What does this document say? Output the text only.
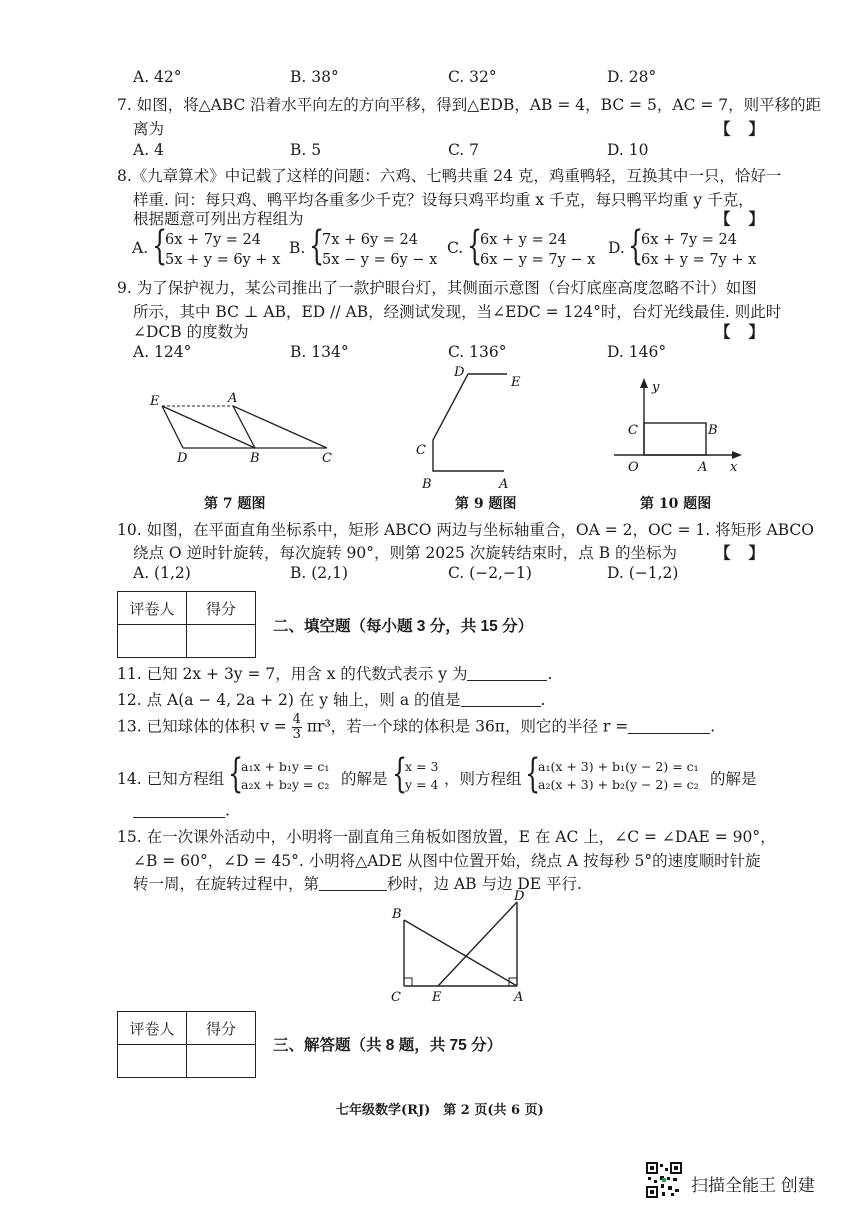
A. 42°	B. 38°	C. 32°	D. 28°
7. 如图，将△ABC 沿着水平向左的方向平移，得到△EDB，AB = 4，BC = 5，AC = 7，则平移的距
离为	【】
A. 4	B. 5	C. 7	D. 10
8.《九章算术》中记载了这样的问题：六鸡、七鸭共重 24 克，鸡重鸭轻，互换其中一只，恰好一
样重. 问：每只鸡、鸭平均各重多少千克？设每只鸡平均重 x 千克，每只鸭平均重 y 千克，
根据题意可列出方程组为	【】
A. {
6x + 7y = 24
5x + y = 6y + x
B. {
7x + 6y = 24
5x − y = 6y − x
C. {
6x + y = 24
6x − y = 7y − x
D. {
6x + 7y = 24
6x + y = 7y + x
9. 为了保护视力，某公司推出了一款护眼台灯，其侧面示意图（台灯底座高度忽略不计）如图
所示，其中 BC ⊥ AB，ED // AB，经测试发现，当∠EDC = 124°时，台灯光线最佳. 则此时
∠DCB 的度数为	【】
A. 124°	B. 134°	C. 136°	D. 146°
E	A
D	B	C
第 7 题图
D
E
C
B	A
第 9 题图
y
C	B
O	A x
第 10 题图
10. 如图，在平面直角坐标系中，矩形 ABCO 两边与坐标轴重合，OA = 2，OC = 1. 将矩形 ABCO
绕点 O 逆时针旋转，每次旋转 90°，则第 2025 次旋转结束时，点 B 的坐标为 【】
A. (1,2)	B. (2,1)	C. (−2,−1)	D. (−1,2)
评卷人	得分

二、填空题（每小题 3 分，共 15 分）
11. 已知 2x + 3y = 7，用含 x 的代数式表示 y 为	.
12. 点 A(a − 4, 2a + 2) 在 y 轴上，则 a 的值是	.
13. 已知球体的体积 $v = \frac{4}{3} \pi r^3$，若一个球的体积是 36π，则它的半径 r =	.
14. 已知方程组 {
a₁x + b₁y = c₁
a₂x + b₂y = c₂ 的解是 {
x = 3
y = 4 ，则方程组 {
a₁(x + 3) + b₁(y − 2) = c₁
a₂(x + 3) + b₂(y − 2) = c₂ 的解是
.
15. 在一次课外活动中，小明将一副直角三角板如图放置，E 在 AC 上，∠C = ∠DAE = 90°，
∠B = 60°，∠D = 45°. 小明将△ADE 从图中位置开始，绕点 A 按每秒 5°的速度顺时针旋
转一周，在旋转过程中，第	秒时，边 AB 与边 DE 平行.
B
D
C E	A
评卷人	得分

三、解答题（共 8 题，共 75 分）
七年级数学(RJ)　第 2 页(共 6 页)
扫描全能王 创建
